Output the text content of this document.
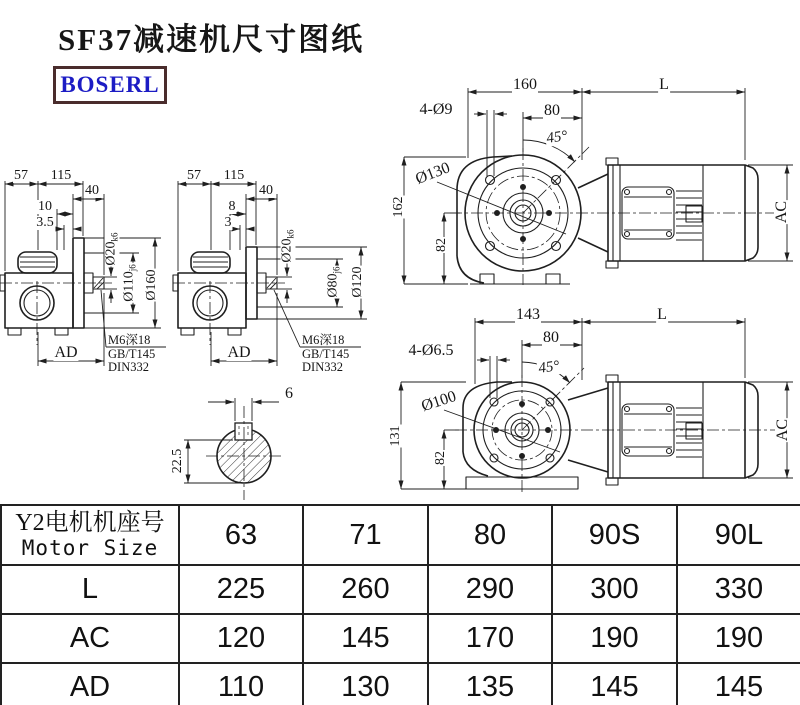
SF37减速机尺寸图纸
BOSERL
57 115
40
10
3.5
$Ø20_{k6}$
$Ø110_{j6}$
Ø160
AD
M6深18
GB/T145
DIN332
57 115
40
8
3
$Ø20_{k6}$
$Ø80_{j6}$ Ø120
AD
M6深18
GB/T145
DIN332
160	L
4-Ø9	80
45°
Ø130
162
82
AC
143	L
4-Ø6.5
80
45°
Ø100
131
82
AC
6
22.5
Y2电机机座号
Motor Size	63	71	80	90S	90L
L	225	260	290	300	330
AC	120	145	170	190	190
AD	110	130	135	145	145
